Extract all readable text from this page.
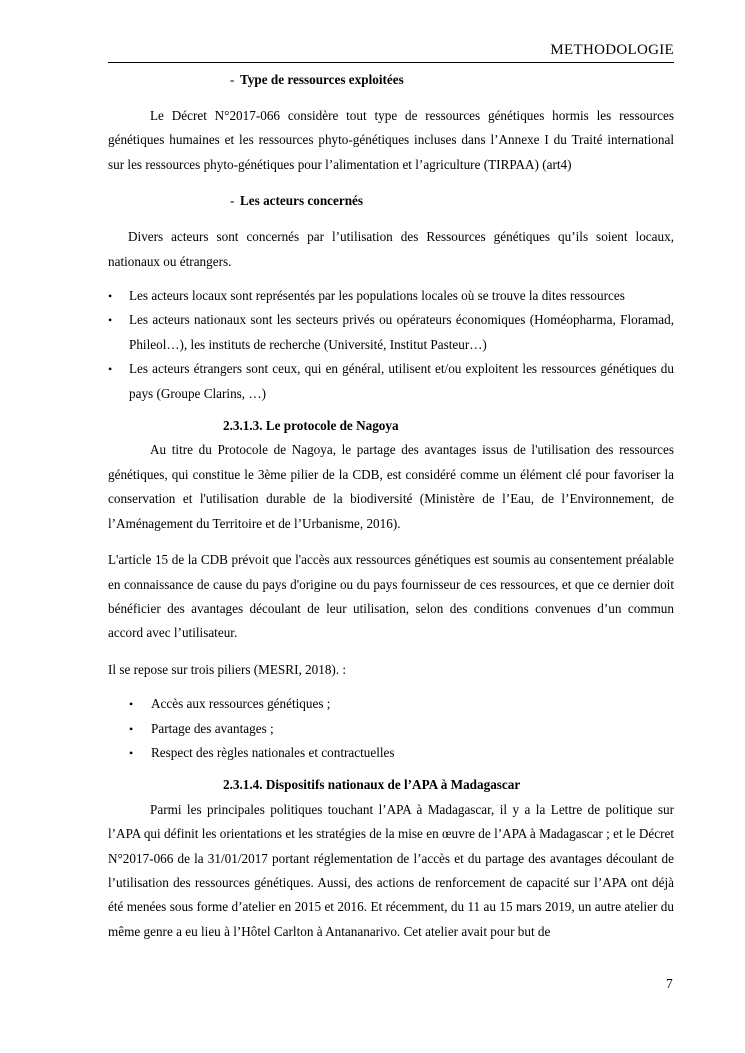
METHODOLOGIE
- Type de ressources exploitées

Le Décret N°2017-066 considère tout type de ressources génétiques hormis les ressources génétiques humaines et les ressources phyto-génétiques incluses dans l’Annexe I du Traité international sur les ressources phyto-génétiques pour l’alimentation et l’agriculture (TIRPAA) (art4)

- Les acteurs concernés

Divers acteurs sont concernés par l’utilisation des Ressources génétiques qu’ils soient locaux, nationaux ou étrangers.

• Les acteurs locaux sont représentés par les populations locales où se trouve la dites ressources
• Les acteurs nationaux sont les secteurs privés ou opérateurs économiques (Homéopharma, Floramad, Phileol…), les instituts de recherche (Université, Institut Pasteur…)
• Les acteurs étrangers sont ceux, qui en général, utilisent et/ou exploitent les ressources génétiques du pays (Groupe Clarins, …)

2.3.1.3. Le protocole de Nagoya

Au titre du Protocole de Nagoya, le partage des avantages issus de l'utilisation des ressources génétiques, qui constitue le 3ème pilier de la CDB, est considéré comme un élément clé pour favoriser la conservation et l'utilisation durable de la biodiversité (Ministère de l’Eau, de l’Environnement, de l’Aménagement du Territoire et de l’Urbanisme, 2016).

L'article 15 de la CDB prévoit que l'accès aux ressources génétiques est soumis au consentement préalable en connaissance de cause du pays d'origine ou du pays fournisseur de ces ressources, et que ce dernier doit bénéficier des avantages découlant de leur utilisation, selon des conditions convenues d’un commun accord avec l’utilisateur.

Il se repose sur trois piliers (MESRI, 2018). :

• Accès aux ressources génétiques ;
• Partage des avantages ;
• Respect des règles nationales et contractuelles

2.3.1.4. Dispositifs nationaux de l’APA à Madagascar

Parmi les principales politiques touchant l’APA à Madagascar, il y a la Lettre de politique sur l’APA qui définit les orientations et les stratégies de la mise en œuvre de l’APA à Madagascar ; et le Décret N°2017-066 de la 31/01/2017 portant réglementation de l’accès et du partage des avantages découlant de l’utilisation des ressources génétiques. Aussi, des actions de renforcement de capacité sur l’APA ont déjà été menées sous forme d’atelier en 2015 et 2016. Et récemment, du 11 au 15 mars 2019, un autre atelier du même genre a eu lieu à l’Hôtel Carlton à Antananarivo. Cet atelier avait pour but de

7
